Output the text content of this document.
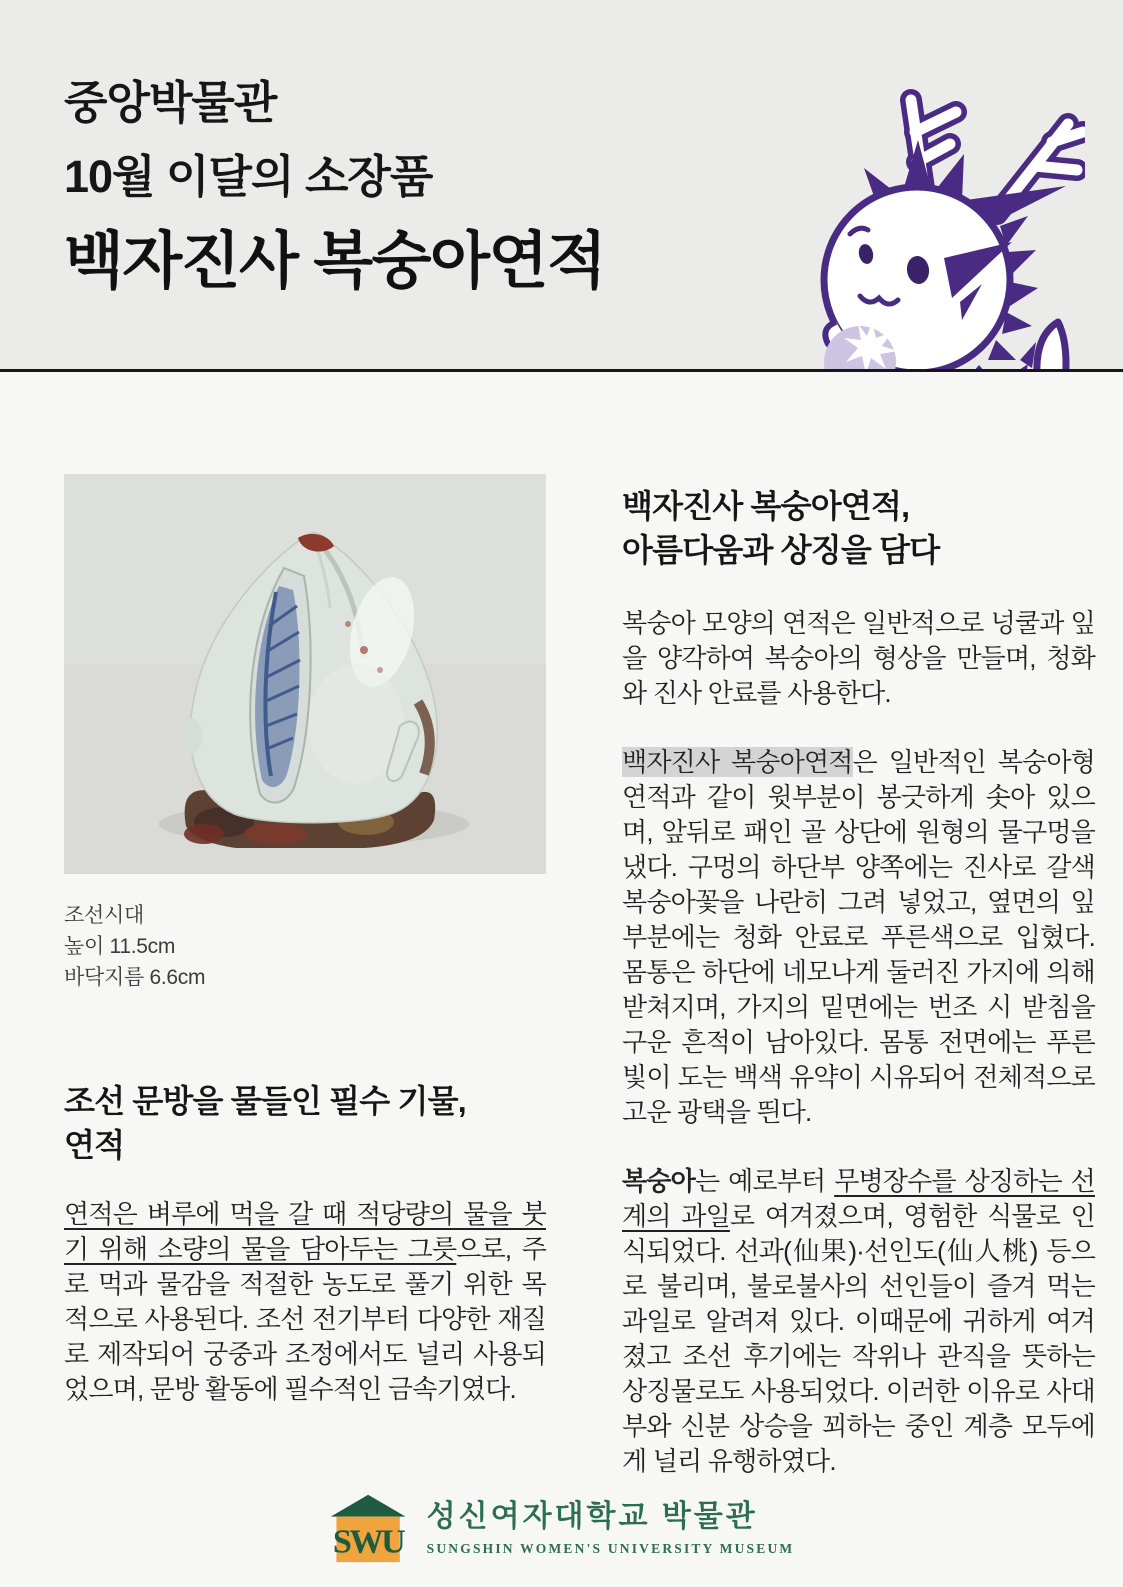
중앙박물관
10월 이달의 소장품
백자진사 복숭아연적
조선시대
높이 11.5cm
바닥지름 6.6cm
조선 문방을 물들인 필수 기물,
연적

연적은 벼루에 먹을 갈 때 적당량의 물을 붓기 위해 소량의 물을 담아두는 그릇으로, 주로 먹과 물감을 적절한 농도로 풀기 위한 목적으로 사용된다. 조선 전기부터 다양한 재질로 제작되어 궁중과 조정에서도 널리 사용되었으며, 문방 활동에 필수적인 금속기였다.

백자진사 복숭아연적,
아름다움과 상징을 담다

복숭아 모양의 연적은 일반적으로 넝쿨과 잎을 양각하여 복숭아의 형상을 만들며, 청화와 진사 안료를 사용한다.

백자진사 복숭아연적은 일반적인 복숭아형 연적과 같이 윗부분이 봉긋하게 솟아 있으며, 앞뒤로 패인 골 상단에 원형의 물구멍을 냈다. 구멍의 하단부 양쪽에는 진사로 갈색 복숭아꽃을 나란히 그려 넣었고, 옆면의 잎 부분에는 청화 안료로 푸른색으로 입혔다. 몸통은 하단에 네모나게 둘러진 가지에 의해 받쳐지며, 가지의 밑면에는 번조 시 받침을 구운 흔적이 남아있다. 몸통 전면에는 푸른빛이 도는 백색 유약이 시유되어 전체적으로 고운 광택을 띈다.

복숭아는 예로부터 무병장수를 상징하는 선계의 과일로 여겨졌으며, 영험한 식물로 인식되었다. 선과(仙果)·선인도(仙人桃) 등으로 불리며, 불로불사의 선인들이 즐겨 먹는 과일로 알려져 있다. 이때문에 귀하게 여겨졌고 조선 후기에는 작위나 관직을 뜻하는 상징물로도 사용되었다. 이러한 이유로 사대부와 신분 상승을 꾀하는 중인 계층 모두에게 널리 유행하였다.

SWU
성신여자대학교 박물관
SUNGSHIN WOMEN'S UNIVERSITY MUSEUM
